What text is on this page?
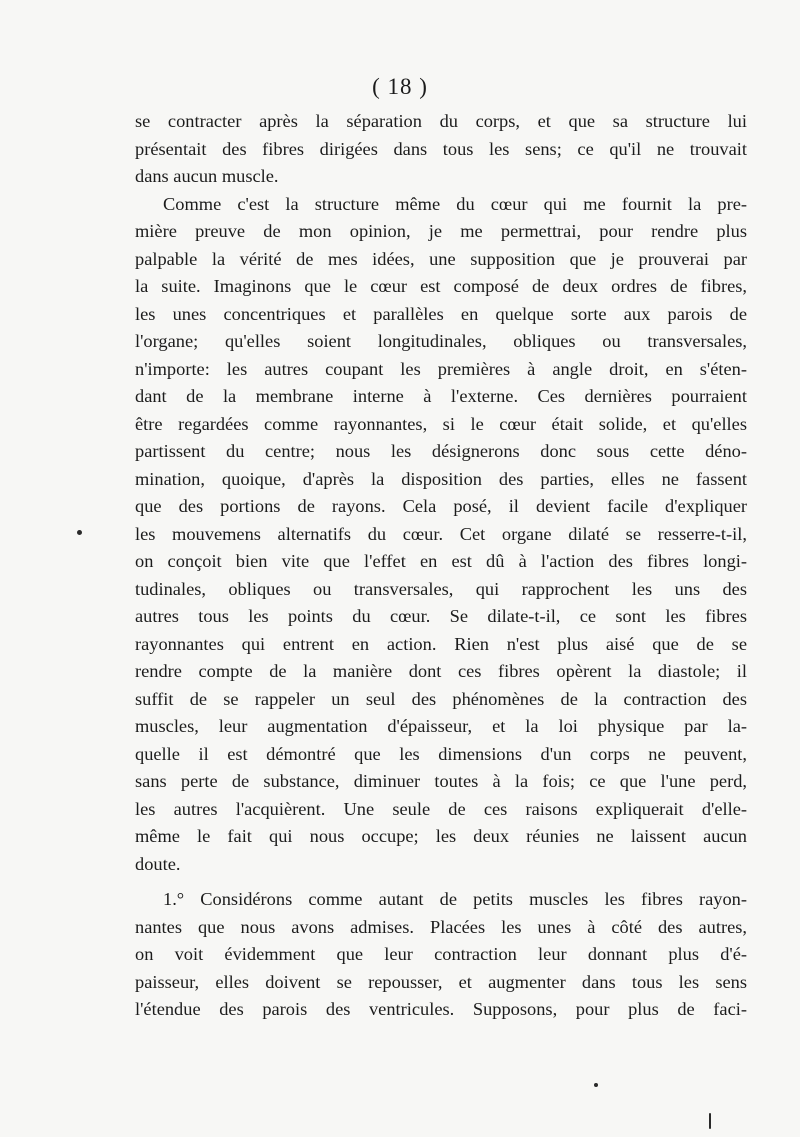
( 18 )
se contracter après la séparation du corps, et que sa structure lui
présentait des fibres dirigées dans tous les sens; ce qu'il ne trouvait
dans aucun muscle.
Comme c'est la structure même du cœur qui me fournit la pre-
mière preuve de mon opinion, je me permettrai, pour rendre plus
palpable la vérité de mes idées, une supposition que je prouverai par
la suite. Imaginons que le cœur est composé de deux ordres de fibres,
les unes concentriques et parallèles en quelque sorte aux parois de
l'organe; qu'elles soient longitudinales, obliques ou transversales,
n'importe: les autres coupant les premières à angle droit, en s'éten-
dant de la membrane interne à l'externe. Ces dernières pourraient
être regardées comme rayonnantes, si le cœur était solide, et qu'elles
partissent du centre; nous les désignerons donc sous cette déno-
mination, quoique, d'après la disposition des parties, elles ne fassent
que des portions de rayons. Cela posé, il devient facile d'expliquer
les mouvemens alternatifs du cœur. Cet organe dilaté se resserre-t-il,
on conçoit bien vite que l'effet en est dû à l'action des fibres longi-
tudinales, obliques ou transversales, qui rapprochent les uns des
autres tous les points du cœur. Se dilate-t-il, ce sont les fibres
rayonnantes qui entrent en action. Rien n'est plus aisé que de se
rendre compte de la manière dont ces fibres opèrent la diastole; il
suffit de se rappeler un seul des phénomènes de la contraction des
muscles, leur augmentation d'épaisseur, et la loi physique par la-
quelle il est démontré que les dimensions d'un corps ne peuvent,
sans perte de substance, diminuer toutes à la fois; ce que l'une perd,
les autres l'acquièrent. Une seule de ces raisons expliquerait d'elle-
même le fait qui nous occupe; les deux réunies ne laissent aucun
doute.
1.° Considérons comme autant de petits muscles les fibres rayon-
nantes que nous avons admises. Placées les unes à côté des autres,
on voit évidemment que leur contraction leur donnant plus d'é-
paisseur, elles doivent se repousser, et augmenter dans tous les sens
l'étendue des parois des ventricules. Supposons, pour plus de faci-
